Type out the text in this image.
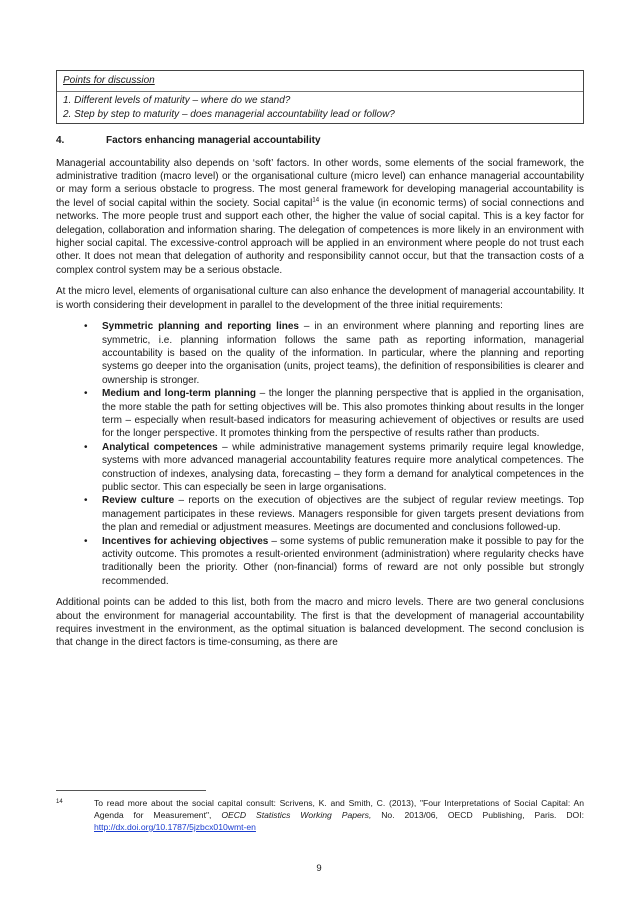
Points for discussion
1. Different levels of maturity – where do we stand?
2. Step by step to maturity – does managerial accountability lead or follow?
4.	Factors enhancing managerial accountability

Managerial accountability also depends on ‘soft’ factors. In other words, some elements of the social framework, the administrative tradition (macro level) or the organisational culture (micro level) can enhance managerial accountability or may form a serious obstacle to progress. The most general framework for developing managerial accountability is the level of social capital within the society. Social capital$^{14}$ is the value (in economic terms) of social connections and networks. The more people trust and support each other, the higher the value of social capital. This is a key factor for delegation, collaboration and information sharing. The delegation of competences is more likely in an environment with higher social capital. The excessive-control approach will be applied in an environment where people do not trust each other. It does not mean that delegation of authority and responsibility cannot occur, but that the transaction costs of a complex control system may be a serious obstacle.

At the micro level, elements of organisational culture can also enhance the development of managerial accountability. It is worth considering their development in parallel to the development of the three initial requirements:

•	Symmetric planning and reporting lines – in an environment where planning and reporting lines are symmetric, i.e. planning information follows the same path as reporting information, managerial accountability is based on the quality of the information. In particular, where the planning and reporting systems go deeper into the organisation (units, project teams), the definition of responsibilities is clearer and ownership is stronger.
•	Medium and long-term planning – the longer the planning perspective that is applied in the organisation, the more stable the path for setting objectives will be. This also promotes thinking about results in the longer term – especially when result-based indicators for measuring achievement of objectives or results are used for the longer perspective. It promotes thinking from the perspective of results rather than products.
•	Analytical competences – while administrative management systems primarily require legal knowledge, systems with more advanced managerial accountability features require more analytical competences. The construction of indexes, analysing data, forecasting – they form a demand for analytical competences in the public sector. This can especially be seen in large organisations.
•	Review culture – reports on the execution of objectives are the subject of regular review meetings. Top management participates in these reviews. Managers responsible for given targets present deviations from the plan and remedial or adjustment measures. Meetings are documented and conclusions followed-up.
•	Incentives for achieving objectives – some systems of public remuneration make it possible to pay for the activity outcome. This promotes a result-oriented environment (administration) where regularity checks have traditionally been the priority. Other (non-financial) forms of reward are not only possible but strongly recommended.

Additional points can be added to this list, both from the macro and micro levels. There are two general conclusions about the environment for managerial accountability. The first is that the development of managerial accountability requires investment in the environment, as the optimal situation is balanced development. The second conclusion is that change in the direct factors is time-consuming, as there are

14	To read more about the social capital consult: Scrivens, K. and Smith, C. (2013), "Four Interpretations of Social Capital: An Agenda for Measurement", OECD Statistics Working Papers, No. 2013/06, OECD Publishing, Paris. DOI: http://dx.doi.org/10.1787/5jzbcx010wmt-en
9
